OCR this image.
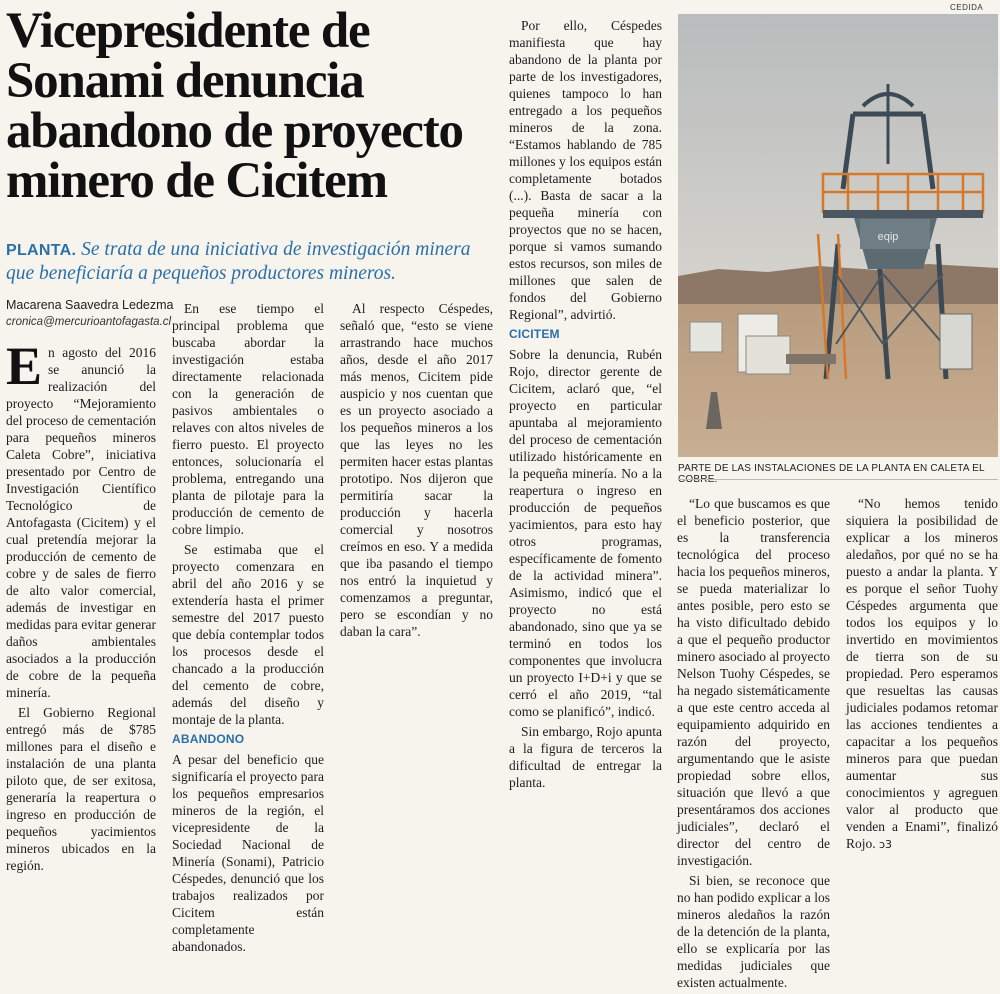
Vicepresidente de Sonami denuncia abandono de proyecto minero de Cicitem
PLANTA. Se trata de una iniciativa de investigación minera que beneficiaría a pequeños productores mineros.
Macarena Saavedra Ledezma
cronica@mercurioantofagasta.cl

En agosto del 2016 se anunció la realización del proyecto “Mejoramiento del proceso de cementación para pequeños mineros Caleta Cobre”, iniciativa presentado por Centro de Investigación Científico Tecnológico de Antofagasta (Cicitem) y el cual pretendía mejorar la producción de cemento de cobre y de sales de fierro de alto valor comercial, además de investigar en medidas para evitar generar daños ambientales asociados a la producción de cobre de la pequeña minería.

El Gobierno Regional entregó más de $785 millones para el diseño e instalación de una planta piloto que, de ser exitosa, generaría la reapertura o ingreso en producción de pequeños yacimientos mineros ubicados en la región.

En ese tiempo el principal problema que buscaba abordar la investigación estaba directamente relacionada con la generación de pasivos ambientales o relaves con altos niveles de fierro puesto. El proyecto entonces, solucionaría el problema, entregando una planta de pilotaje para la producción de cemento de cobre limpio.

Se estimaba que el proyecto comenzara en abril del año 2016 y se extendería hasta el primer semestre del 2017 puesto que debía contemplar todos los procesos desde el chancado a la producción del cemento de cobre, además del diseño y montaje de la planta.

ABANDONO

A pesar del beneficio que significaría el proyecto para los pequeños empresarios mineros de la región, el vicepresidente de la Sociedad Nacional de Minería (Sonami), Patricio Céspedes, denunció que los trabajos realizados por Cicitem están completamente abandonados.

Al respecto Céspedes, señaló que, “esto se viene arrastrando hace muchos años, desde el año 2017 más menos, Cicitem pide auspicio y nos cuentan que es un proyecto asociado a los pequeños mineros a los que las leyes no les permiten hacer estas plantas prototipo. Nos dijeron que permitiría sacar la producción y hacerla comercial y nosotros creímos en eso. Y a medida que iba pasando el tiempo nos entró la inquietud y comenzamos a preguntar, pero se escondían y no daban la cara”.

Por ello, Céspedes manifiesta que hay abandono de la planta por parte de los investigadores, quienes tampoco lo han entregado a los pequeños mineros de la zona. “Estamos hablando de 785 millones y los equipos están completamente botados (...). Basta de sacar a la pequeña minería con proyectos que no se hacen, porque si vamos sumando estos recursos, son miles de millones que salen de fondos del Gobierno Regional”, advirtió.

CICITEM

Sobre la denuncia, Rubén Rojo, director gerente de Cicitem, aclaró que, “el proyecto en particular apuntaba al mejoramiento del proceso de cementación utilizado históricamente en la pequeña minería. No a la reapertura o ingreso en producción de pequeños yacimientos, para esto hay otros programas, específicamente de fomento de la actividad minera”. Asimismo, indicó que el proyecto no está abandonado, sino que ya se terminó en todos los componentes que involucra un proyecto I+D+i y que se cerró el año 2019, “tal como se planificó”, indicó.

Sin embargo, Rojo apunta a la figura de terceros la dificultad de entregar la planta.

“Lo que buscamos es que el beneficio posterior, que es la transferencia tecnológica del proceso hacia los pequeños mineros, se pueda materializar lo antes posible, pero esto se ha visto dificultado debido a que el pequeño productor minero asociado al proyecto Nelson Tuohy Céspedes, se ha negado sistemáticamente a que este centro acceda al equipamiento adquirido en razón del proyecto, argumentando que le asiste propiedad sobre ellos, situación que llevó a que presentáramos dos acciones judiciales”, declaró el director del centro de investigación.

Si bien, se reconoce que no han podido explicar a los mineros aledaños la razón de la detención de la planta, ello se explicaría por las medidas judiciales que existen actualmente.

“No hemos tenido siquiera la posibilidad de explicar a los mineros aledaños, por qué no se ha puesto a andar la planta. Y es porque el señor Tuohy Céspedes argumenta que todos los equipos y lo invertido en movimientos de tierra son de su propiedad. Pero esperamos que resueltas las causas judiciales podamos retomar las acciones tendientes a capacitar a los pequeños mineros para que puedan aumentar sus conocimientos y agreguen valor al producto que venden a Enami”, finalizó Rojo. ↄ3

CEDIDA
eqip
PARTE DE LAS INSTALACIONES DE LA PLANTA EN CALETA EL
